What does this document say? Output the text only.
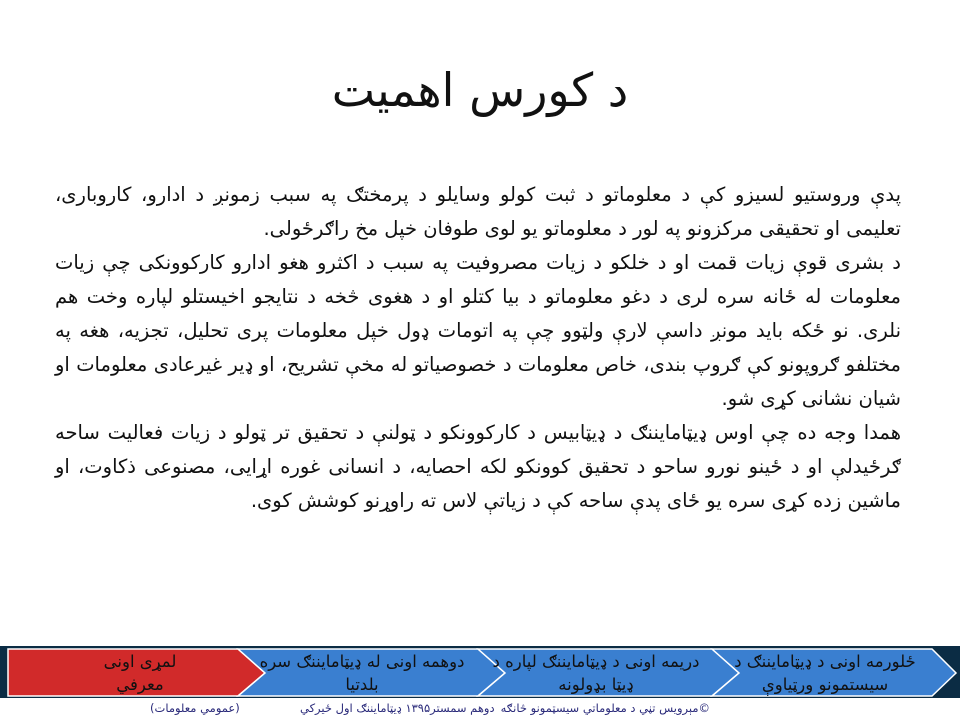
د کورس اهمیت

پدې وروستيو لسيزو کې د معلوماتو د ثبت کولو وسايلو د پرمختګ په سبب زمونږ د ادارو، کاروباری، تعلیمی او تحقیقی مرکزونو په لور د معلوماتو يو لوی طوفان خپل مخ راګرځولی.

د بشری قوې زیات قمت او د خلکو د زيات مصروفيت په سبب د اکثرو هغو ادارو کارکوونکی چې زيات معلومات له ځانه سره لری د دغو معلوماتو د بيا کتلو او د هغوی څخه د نتايجو اخيستلو لپاره وخت هم نلری. نو ځکه بايد مونږ داسې لارې ولټوو چې په اتومات ډول خپل معلومات پری تحلیل، تجزيه، هغه په مختلفو ګروپونو کې ګروپ بندی، خاص معلومات د خصوصياتو له مخې تشريح، او ډير غيرعادی معلومات او شيان نشانی کړی شو.

همدا وجه ده چې اوس ډيټامايننګ د ډيټابيس د کارکوونکو د ټولنې د تحقيق تر ټولو د زيات فعاليت ساحه ګرځيدلې او د ځینو نورو ساحو د تحقيق کوونکو لکه احصايه، د انسانی غوره اړايی، مصنوعی ذکاوت، او ماشين زده کړی سره يو ځای پدې ساحه کې د زياتې لاس ته راوړنو کوشش کوی.

ځلورمه اونی د ډيټامايننګ د سيستمونو ورټياوې
دريمه اونی د ډيټامايننګ لپاره د ډيټا بډولونه
دوهمه اونی له ډيټامايننګ سره بلدتيا
لمړی اونی معرفي
©مېرويس تڼي د معلوماتي سيسټمونو څانګه
دوهم سمستر۱۳۹۵ ډيټامايننګ اول ځيرکي
(عمومي معلومات)
